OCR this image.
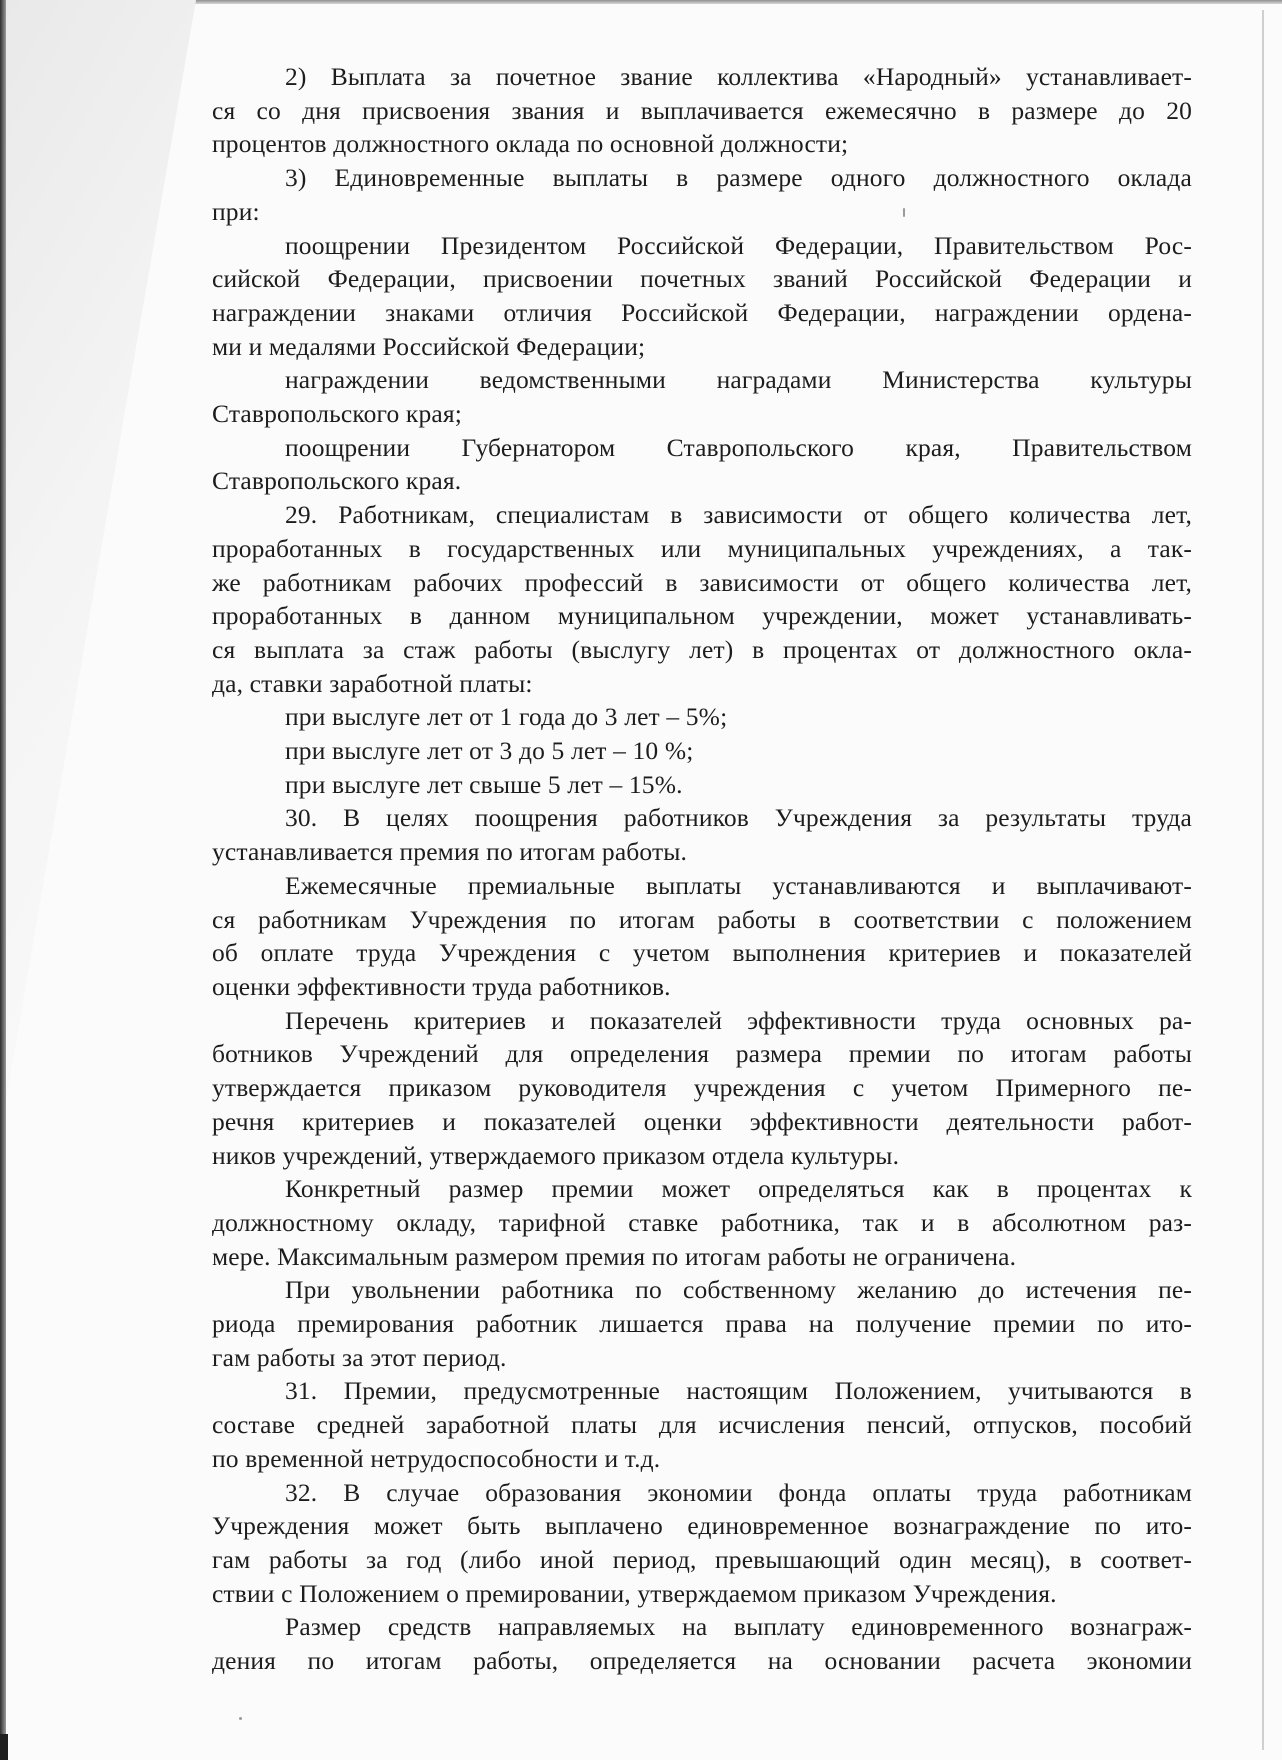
2) Выплата за почетное звание коллектива «Народный» устанавливает-
ся со дня присвоения звания и выплачивается ежемесячно в размере до 20
процентов должностного оклада по основной должности;
3) Единовременные выплаты в размере одного должностного оклада
при:
поощрении Президентом Российской Федерации, Правительством Рос-
сийской Федерации, присвоении почетных званий Российской Федерации и
награждении знаками отличия Российской Федерации, награждении ордена-
ми и медалями Российской Федерации;
награждении ведомственными наградами Министерства культуры
Ставропольского края;
поощрении Губернатором Ставропольского края, Правительством
Ставропольского края.
29. Работникам, специалистам в зависимости от общего количества лет,
проработанных в государственных или муниципальных учреждениях, а так-
же работникам рабочих профессий в зависимости от общего количества лет,
проработанных в данном муниципальном учреждении, может устанавливать-
ся выплата за стаж работы (выслугу лет) в процентах от должностного окла-
да, ставки заработной платы:
при выслуге лет от 1 года до 3 лет – 5%;
при выслуге лет от 3 до 5 лет – 10 %;
при выслуге лет свыше 5 лет – 15%.
30. В целях поощрения работников Учреждения за результаты труда
устанавливается премия по итогам работы.
Ежемесячные премиальные выплаты устанавливаются и выплачивают-
ся работникам Учреждения по итогам работы в соответствии с положением
об оплате труда Учреждения с учетом выполнения критериев и показателей
оценки эффективности труда работников.
Перечень критериев и показателей эффективности труда основных ра-
ботников Учреждений для определения размера премии по итогам работы
утверждается приказом руководителя учреждения с учетом Примерного пе-
речня критериев и показателей оценки эффективности деятельности работ-
ников учреждений, утверждаемого приказом отдела культуры.
Конкретный размер премии может определяться как в процентах к
должностному окладу, тарифной ставке работника, так и в абсолютном раз-
мере. Максимальным размером премия по итогам работы не ограничена.
При увольнении работника по собственному желанию до истечения пе-
риода премирования работник лишается права на получение премии по ито-
гам работы за этот период.
31. Премии, предусмотренные настоящим Положением, учитываются в
составе средней заработной платы для исчисления пенсий, отпусков, пособий
по временной нетрудоспособности и т.д.
32. В случае образования экономии фонда оплаты труда работникам
Учреждения может быть выплачено единовременное вознаграждение по ито-
гам работы за год (либо иной период, превышающий один месяц), в соответ-
ствии с Положением о премировании, утверждаемом приказом Учреждения.
Размер средств направляемых на выплату единовременного вознаграж-
дения по итогам работы, определяется на основании расчета экономии
